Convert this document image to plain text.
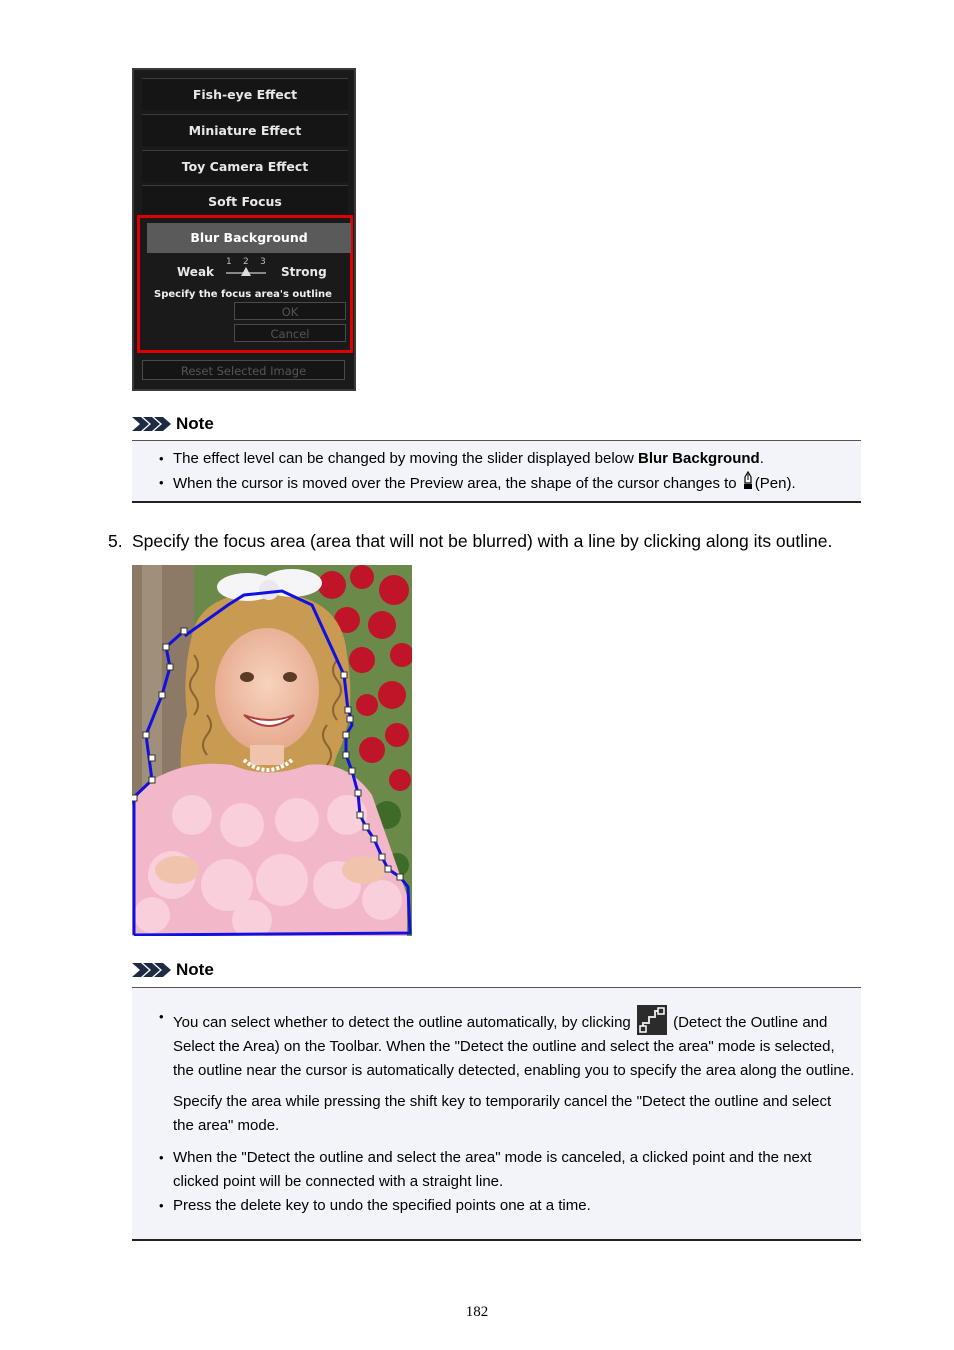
Fish-eye Effect
Miniature Effect
Toy Camera Effect
Soft Focus
Blur Background
Weak
1 2 3
Strong
Specify the focus area's outline
OK
Cancel
Reset Selected Image
Note
• The effect level can be changed by moving the slider displayed below Blur Background.
• When the cursor is moved over the Preview area, the shape of the cursor changes to (Pen).
5. Specify the focus area (area that will not be blurred) with a line by clicking along its outline.
Note
• You can select whether to detect the outline automatically, by clicking  (Detect the Outline and Select the Area) on the Toolbar. When the "Detect the outline and select the area" mode is selected, the outline near the cursor is automatically detected, enabling you to specify the area along the outline.
Specify the area while pressing the shift key to temporarily cancel the "Detect the outline and select the area" mode.
• When the "Detect the outline and select the area" mode is canceled, a clicked point and the next clicked point will be connected with a straight line.
• Press the delete key to undo the specified points one at a time.
182
